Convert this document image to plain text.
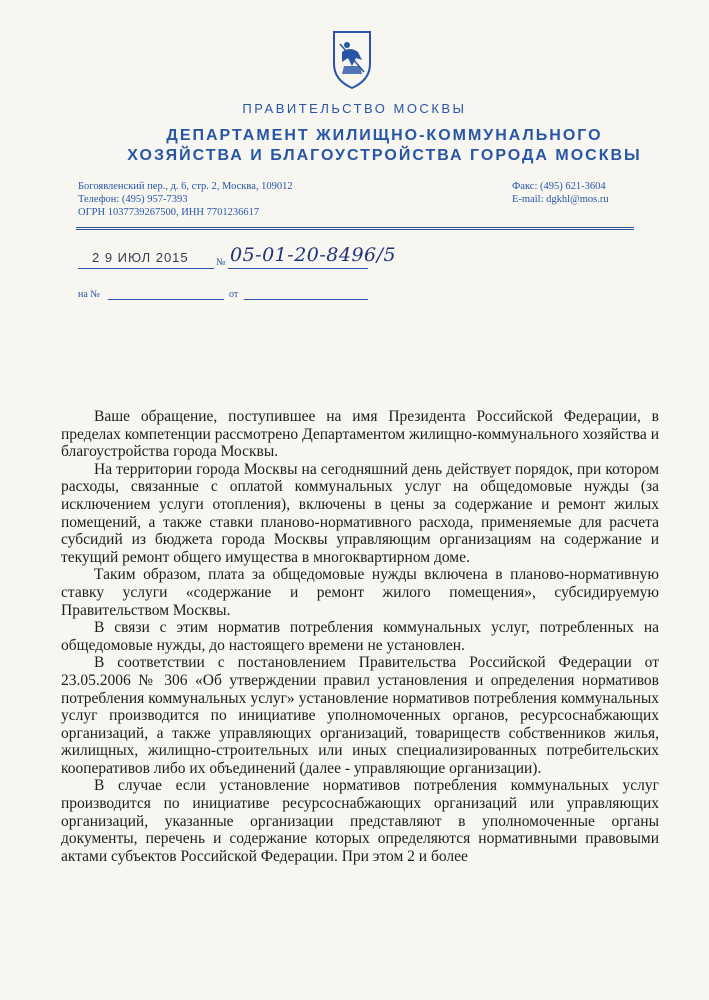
ПРАВИТЕЛЬСТВО МОСКВЫ
ДЕПАРТАМЕНТ ЖИЛИЩНО-КОММУНАЛЬНОГО
ХОЗЯЙСТВА И БЛАГОУСТРОЙСТВА ГОРОДА МОСКВЫ
Богоявленский пер., д. 6, стр. 2, Москва, 109012
Телефон: (495) 957-7393
ОГРН 1037739267500, ИНН 7701236617
Факс: (495) 621-3604
E-mail: dgkhl@mos.ru
2 9 ИЮЛ 2015	№ 05-01-20-8496/5
на №	от

Ваше обращение, поступившее на имя Президента Российской Федерации, в пределах компетенции рассмотрено Департаментом жилищно-коммунального хозяйства и благоустройства города Москвы.

На территории города Москвы на сегодняшний день действует порядок, при котором расходы, связанные с оплатой коммунальных услуг на общедомовые нужды (за исключением услуги отопления), включены в цены за содержание и ремонт жилых помещений, а также ставки планово-нормативного расхода, применяемые для расчета субсидий из бюджета города Москвы управляющим организациям на содержание и текущий ремонт общего имущества в многоквартирном доме.

Таким образом, плата за общедомовые нужды включена в планово-нормативную ставку услуги «содержание и ремонт жилого помещения», субсидируемую Правительством Москвы.

В связи с этим норматив потребления коммунальных услуг, потребленных на общедомовые нужды, до настоящего времени не установлен.

В соответствии с постановлением Правительства Российской Федерации от 23.05.2006 № 306 «Об утверждении правил установления и определения нормативов потребления коммунальных услуг» установление нормативов потребления коммунальных услуг производится по инициативе уполномоченных органов, ресурсоснабжающих организаций, а также управляющих организаций, товариществ собственников жилья, жилищных, жилищно-строительных или иных специализированных потребительских кооперативов либо их объединений (далее - управляющие организации).

В случае если установление нормативов потребления коммунальных услуг производится по инициативе ресурсоснабжающих организаций или управляющих организаций, указанные организации представляют в уполномоченные органы документы, перечень и содержание которых определяются нормативными правовыми актами субъектов Российской Федерации. При этом 2 и более
